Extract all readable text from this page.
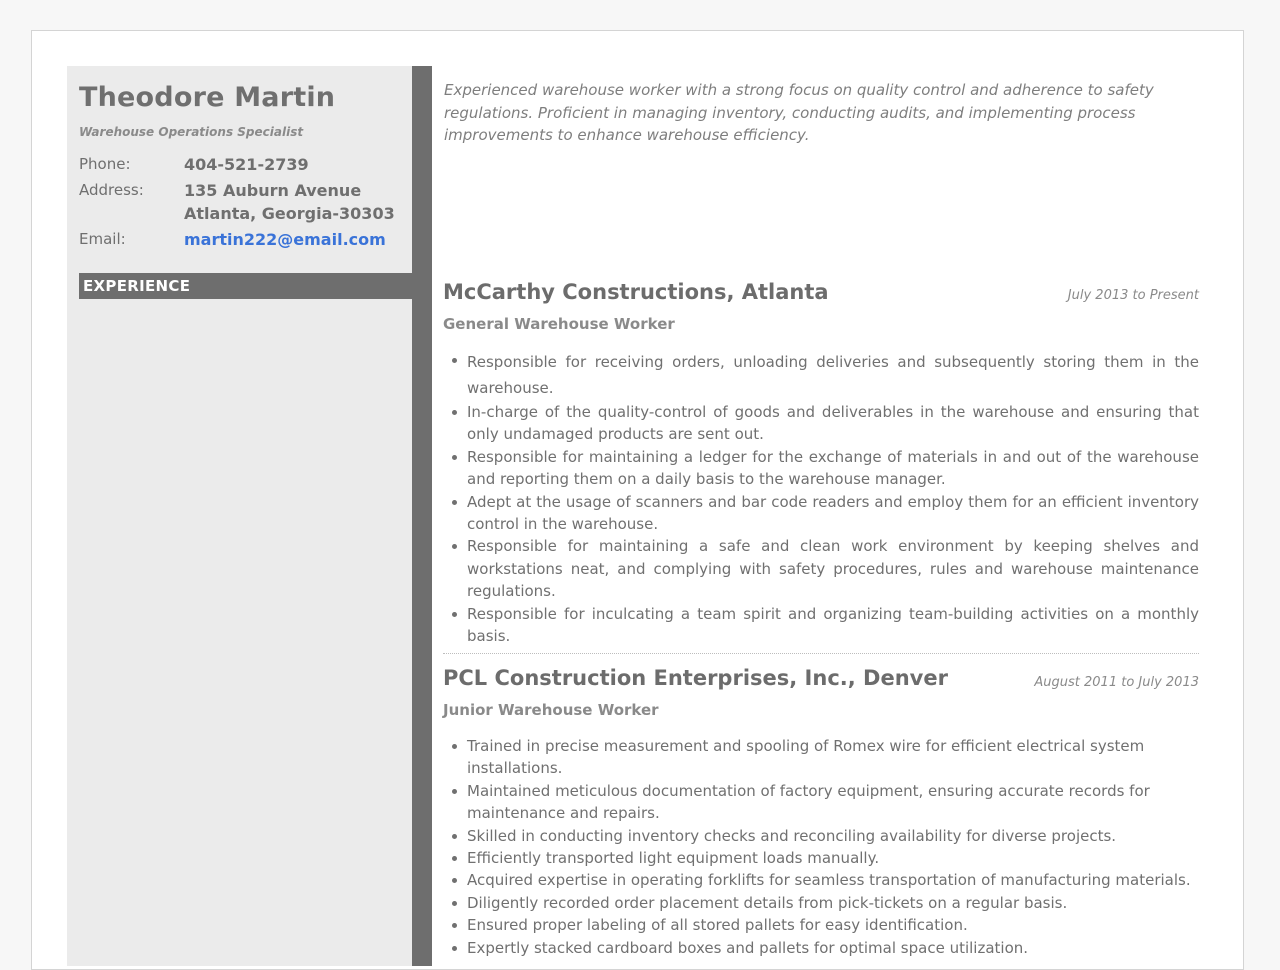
Theodore Martin
Warehouse Operations Specialist
Phone:	404-521-2739
Address:	135 Auburn Avenue
Atlanta, Georgia-30303
Email:	martin222@email.com
EXPERIENCE

Experienced warehouse worker with a strong focus on quality control and adherence to safety regulations. Proficient in managing inventory, conducting audits, and implementing process improvements to enhance warehouse efficiency.

McCarthy Constructions, Atlanta	July 2013 to Present
General Warehouse Worker
Responsible for receiving orders, unloading deliveries and subsequently storing them in the warehouse.
In-charge of the quality-control of goods and deliverables in the warehouse and ensuring that only undamaged products are sent out.
Responsible for maintaining a ledger for the exchange of materials in and out of the warehouse and reporting them on a daily basis to the warehouse manager.
Adept at the usage of scanners and bar code readers and employ them for an efficient inventory control in the warehouse.
Responsible for maintaining a safe and clean work environment by keeping shelves and workstations neat, and complying with safety procedures, rules and warehouse maintenance regulations.
Responsible for inculcating a team spirit and organizing team-building activities on a monthly basis.
PCL Construction Enterprises, Inc., Denver	August 2011 to July 2013
Junior Warehouse Worker
Trained in precise measurement and spooling of Romex wire for efficient electrical system installations.
Maintained meticulous documentation of factory equipment, ensuring accurate records for maintenance and repairs.
Skilled in conducting inventory checks and reconciling availability for diverse projects.
Efficiently transported light equipment loads manually.
Acquired expertise in operating forklifts for seamless transportation of manufacturing materials.
Diligently recorded order placement details from pick-tickets on a regular basis.
Ensured proper labeling of all stored pallets for easy identification.
Expertly stacked cardboard boxes and pallets for optimal space utilization.
